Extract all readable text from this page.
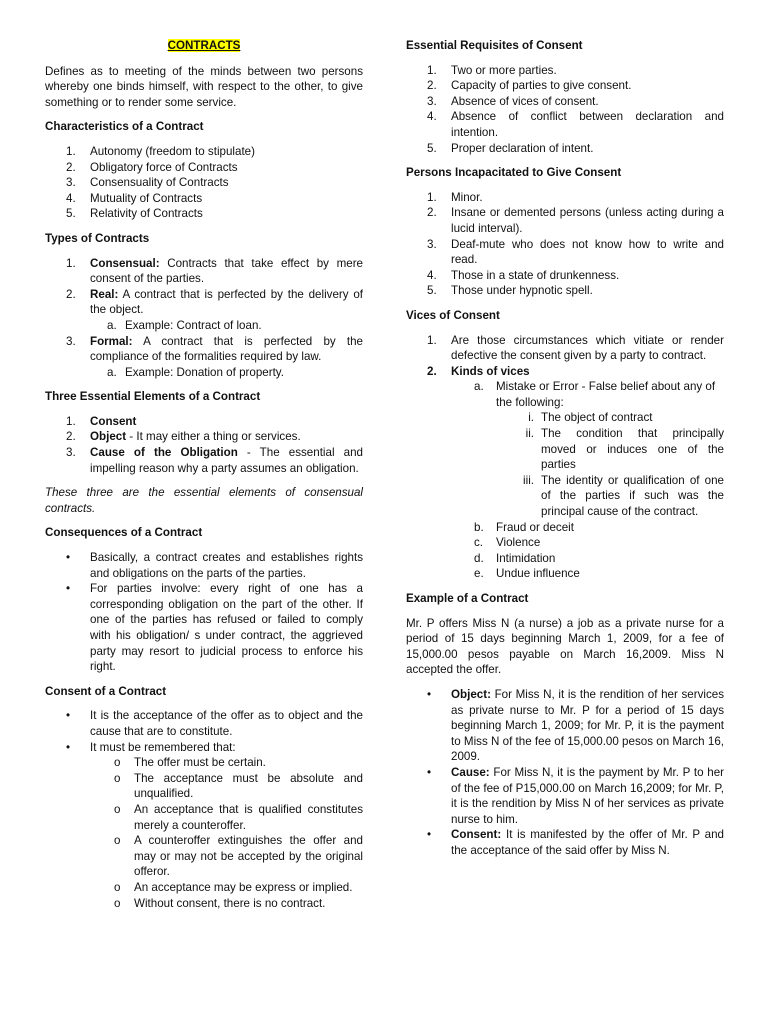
CONTRACTS

Defines as to meeting of the minds between two persons whereby one binds himself, with respect to the other, to give something or to render some service.

Characteristics of a Contract
1. Autonomy (freedom to stipulate)
2. Obligatory force of Contracts
3. Consensuality of Contracts
4. Mutuality of Contracts
5. Relativity of Contracts
Types of Contracts
1. Consensual: Contracts that take effect by mere consent of the parties.
2. Real: A contract that is perfected by the delivery of the object.
a. Example: Contract of loan.
3. Formal: A contract that is perfected by the compliance of the formalities required by law.
a. Example: Donation of property.
Three Essential Elements of a Contract
1. Consent
2. Object - It may either a thing or services.
3. Cause of the Obligation - The essential and impelling reason why a party assumes an obligation.

These three are the essential elements of consensual contracts.

Consequences of a Contract
• Basically, a contract creates and establishes rights and obligations on the parts of the parties.
• For parties involve: every right of one has a corresponding obligation on the part of the other. If one of the parties has refused or failed to comply with his obligation/ s under contract, the aggrieved party may resort to judicial process to enforce his right.
Consent of a Contract
• It is the acceptance of the offer as to object and the cause that are to constitute.
• It must be remembered that:
o The offer must be certain.
o The acceptance must be absolute and unqualified.
o An acceptance that is qualified constitutes merely a counteroffer.
o A counteroffer extinguishes the offer and may or may not be accepted by the original offeror.
o An acceptance may be express or implied.
o Without consent, there is no contract.
Essential Requisites of Consent
1. Two or more parties.
2. Capacity of parties to give consent.
3. Absence of vices of consent.
4. Absence of conflict between declaration and intention.
5. Proper declaration of intent.
Persons Incapacitated to Give Consent
1. Minor.
2. Insane or demented persons (unless acting during a lucid interval).
3. Deaf-mute who does not know how to write and read.
4. Those in a state of drunkenness.
5. Those under hypnotic spell.
Vices of Consent
1. Are those circumstances which vitiate or render defective the consent given by a party to contract.
2. Kinds of vices
a. Mistake or Error - False belief about any of the following:
i. The object of contract
ii. The condition that principally moved or induces one of the parties
iii. The identity or qualification of one of the parties if such was the principal cause of the contract.
b. Fraud or deceit
c. Violence
d. Intimidation
e. Undue influence
Example of a Contract

Mr. P offers Miss N (a nurse) a job as a private nurse for a period of 15 days beginning March 1, 2009, for a fee of 15,000.00 pesos payable on March 16,2009. Miss N accepted the offer.

• Object: For Miss N, it is the rendition of her services as private nurse to Mr. P for a period of 15 days beginning March 1, 2009; for Mr. P, it is the payment to Miss N of the fee of 15,000.00 pesos on March 16, 2009.
• Cause: For Miss N, it is the payment by Mr. P to her of the fee of P15,000.00 on March 16,2009; for Mr. P, it is the rendition by Miss N of her services as private nurse to him.
• Consent: It is manifested by the offer of Mr. P and the acceptance of the said offer by Miss N.
